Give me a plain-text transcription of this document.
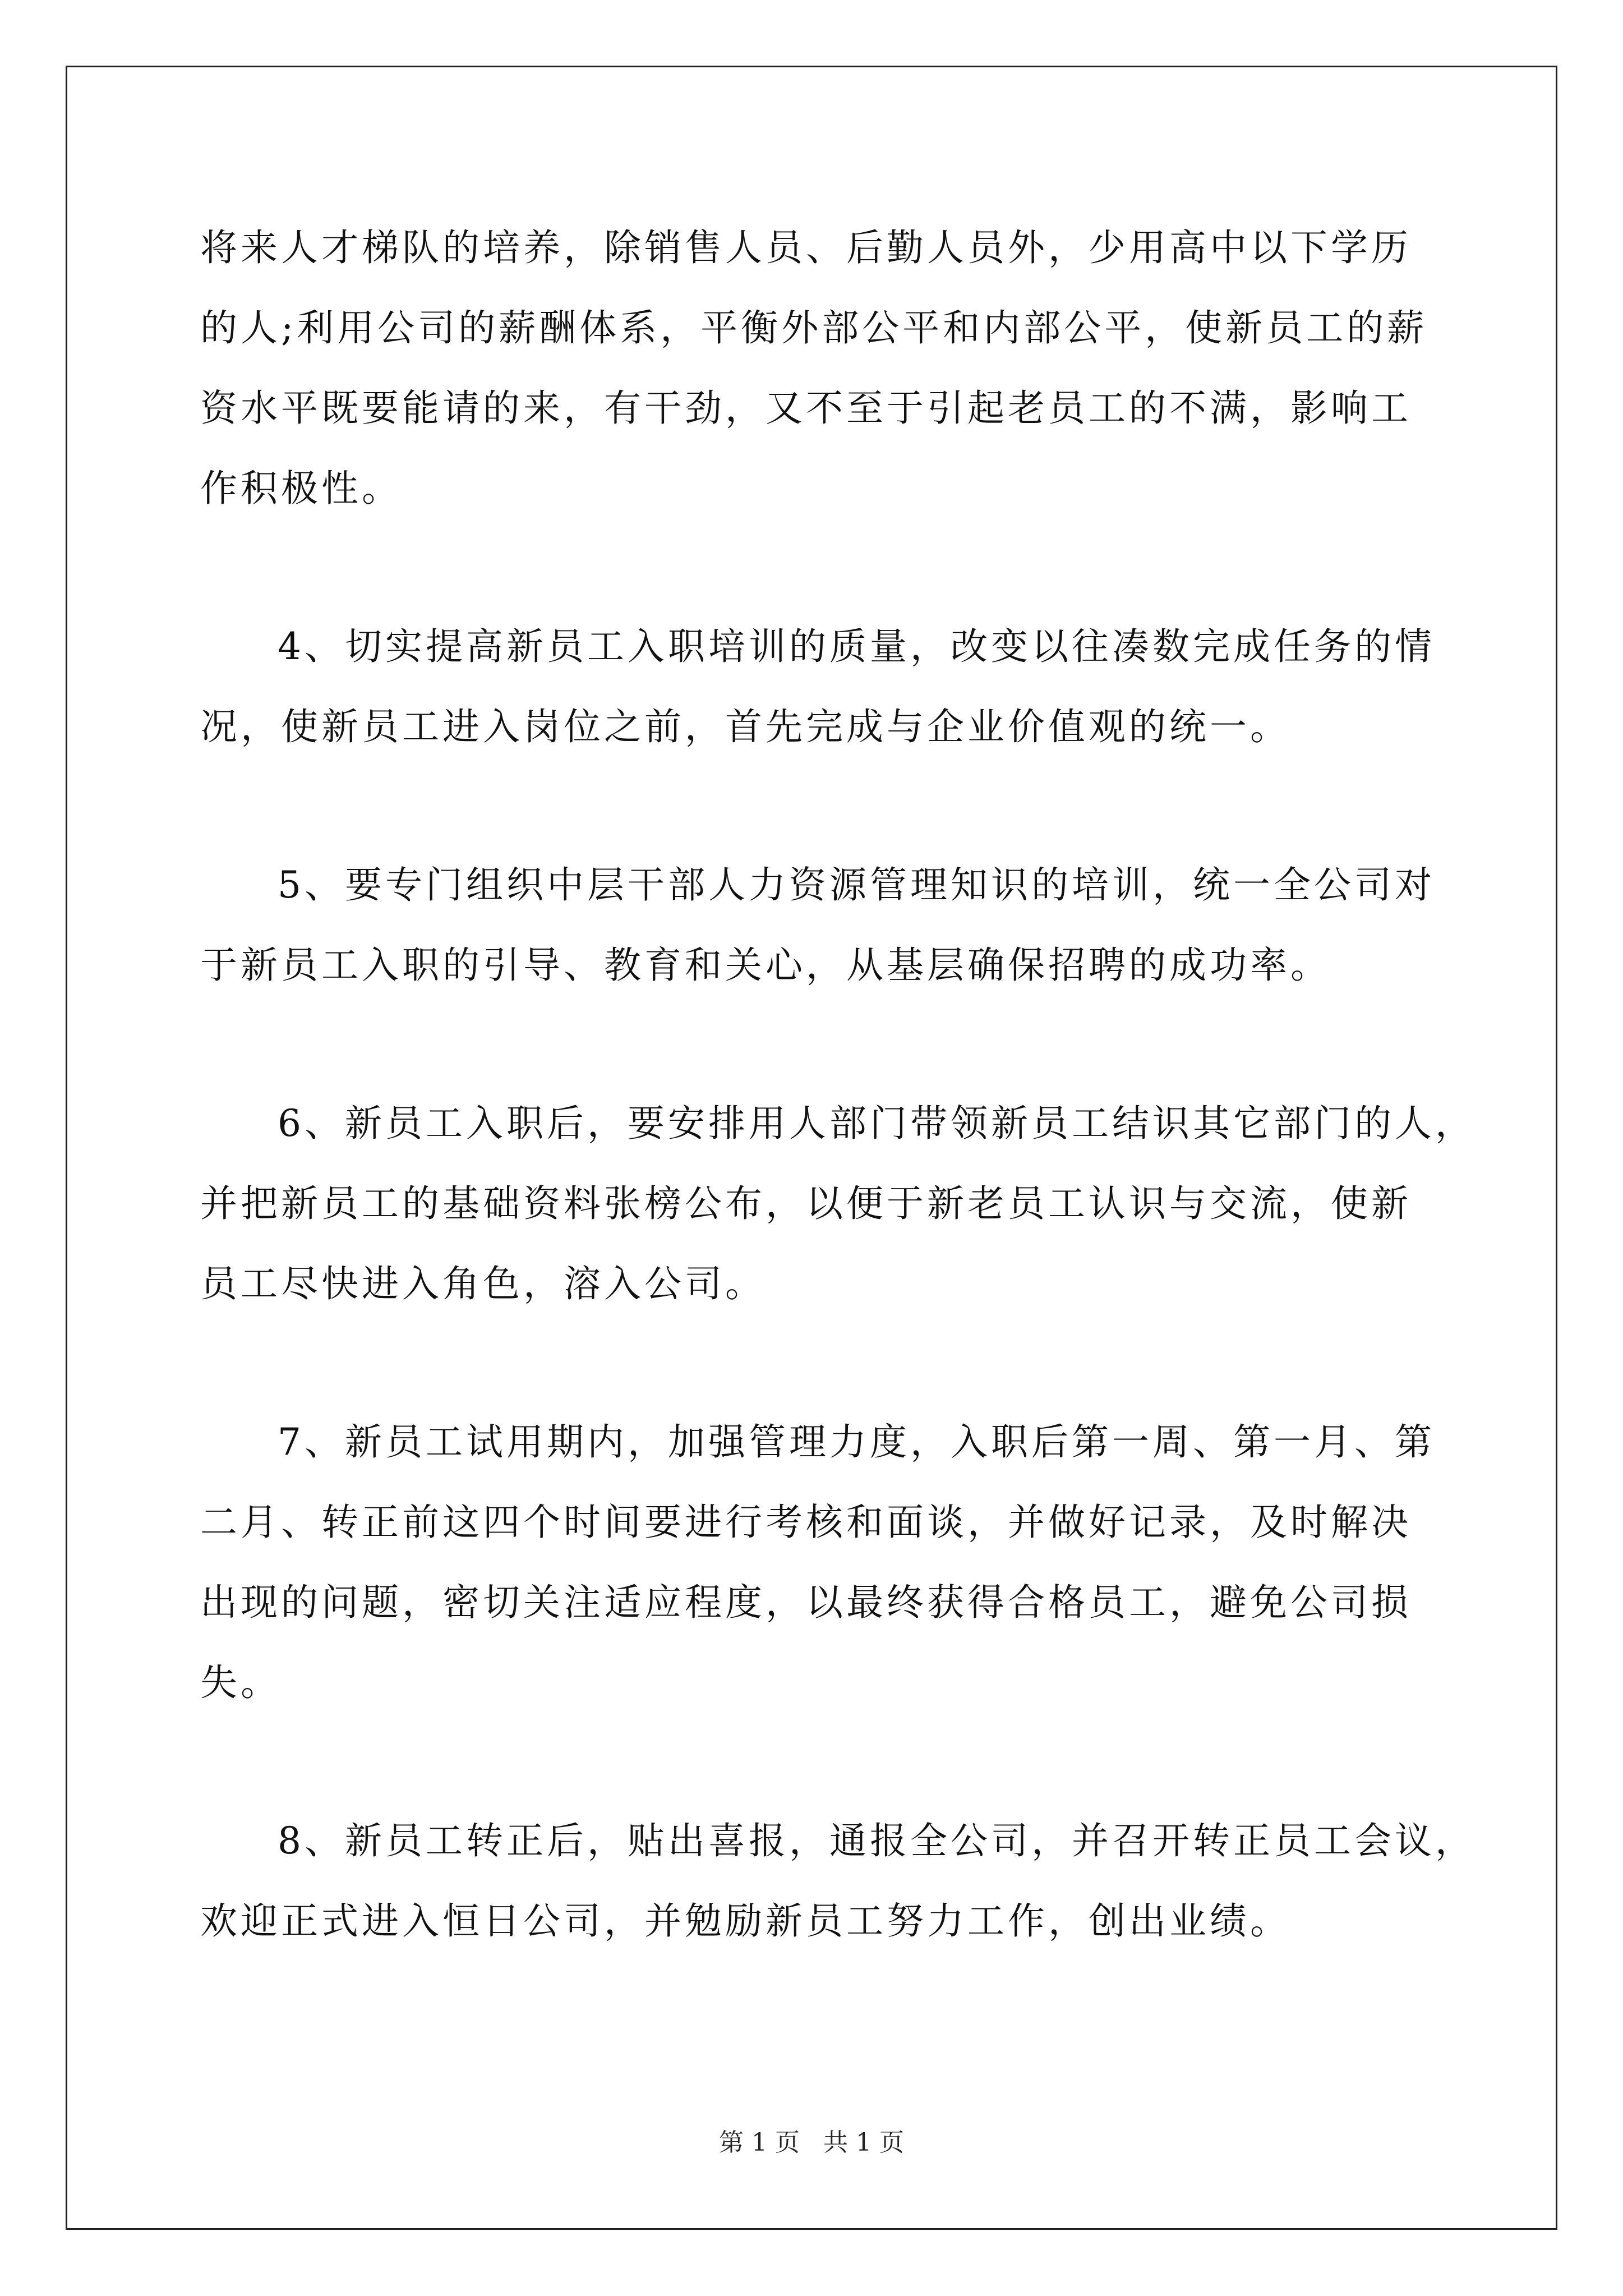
将来人才梯队的培养，除销售人员、后勤人员外，少用高中以下学历
的人;利用公司的薪酬体系，平衡外部公平和内部公平，使新员工的薪
资水平既要能请的来，有干劲，又不至于引起老员工的不满，影响工
作积极性。
4、切实提高新员工入职培训的质量，改变以往凑数完成任务的情
况，使新员工进入岗位之前，首先完成与企业价值观的统一。
5、要专门组织中层干部人力资源管理知识的培训，统一全公司对
于新员工入职的引导、教育和关心，从基层确保招聘的成功率。
6、新员工入职后，要安排用人部门带领新员工结识其它部门的人，
并把新员工的基础资料张榜公布，以便于新老员工认识与交流，使新
员工尽快进入角色，溶入公司。
7、新员工试用期内，加强管理力度，入职后第一周、第一月、第
二月、转正前这四个时间要进行考核和面谈，并做好记录，及时解决
出现的问题，密切关注适应程度，以最终获得合格员工，避免公司损
失。
8、新员工转正后，贴出喜报，通报全公司，并召开转正员工会议，
欢迎正式进入恒日公司，并勉励新员工努力工作，创出业绩。
第 1 页   共 1 页
